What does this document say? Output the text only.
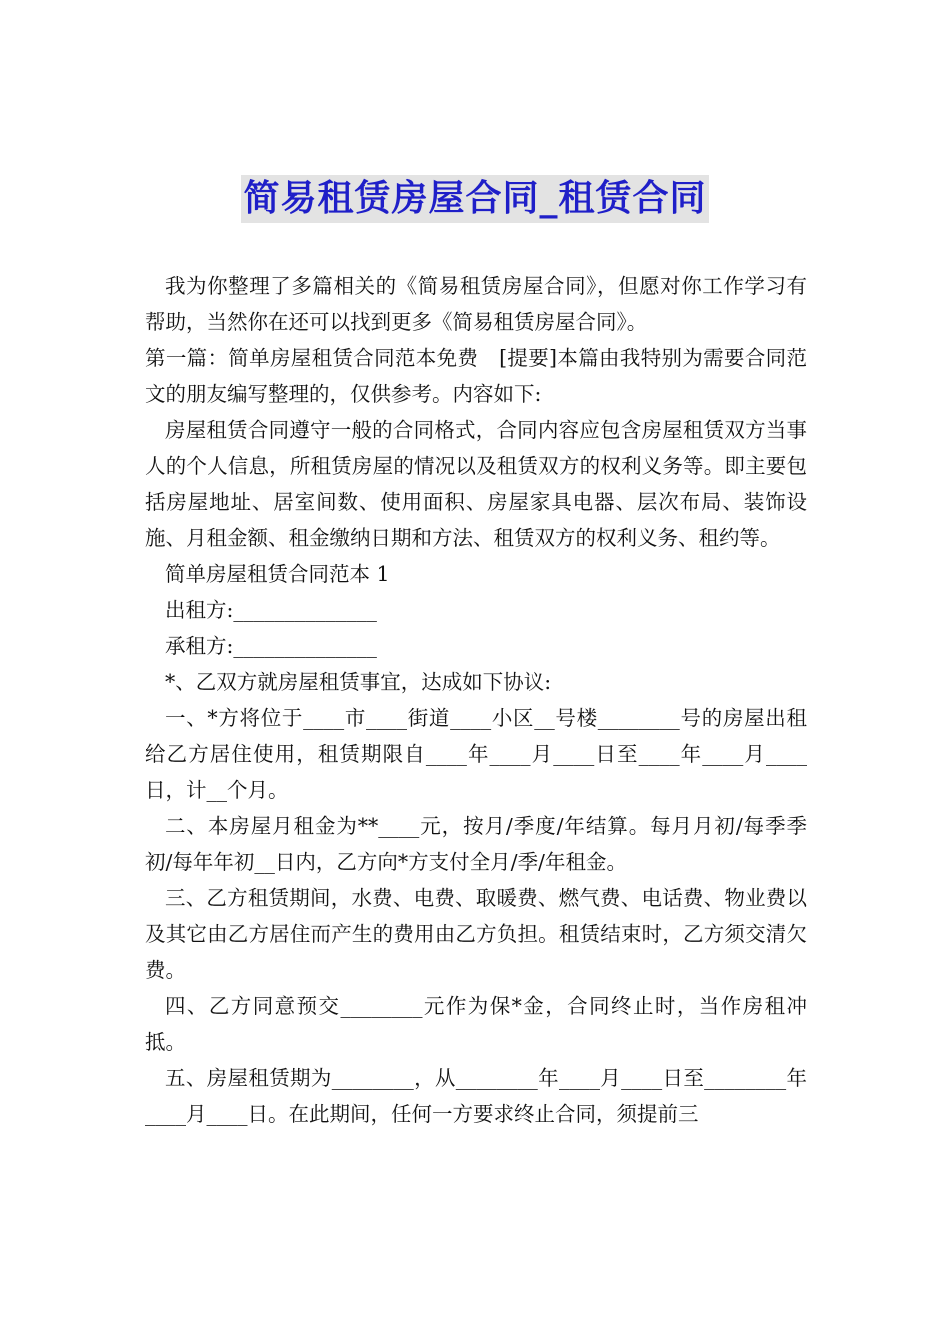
简易租赁房屋合同_租赁合同

我为你整理了多篇相关的《简易租赁房屋合同》，但愿对你工作学习有帮助，当然你在还可以找到更多《简易租赁房屋合同》。

第一篇：简单房屋租赁合同范本免费　[提要]本篇由我特别为需要合同范文的朋友编写整理的，仅供参考。内容如下:

房屋租赁合同遵守一般的合同格式，合同内容应包含房屋租赁双方当事人的个人信息，所租赁房屋的情况以及租赁双方的权利义务等。即主要包括房屋地址、居室间数、使用面积、房屋家具电器、层次布局、装饰设施、月租金额、租金缴纳日期和方法、租赁双方的权利义务、租约等。

简单房屋租赁合同范本 1

出租方:______________

承租方:______________

*、乙双方就房屋租赁事宜，达成如下协议:

一、*方将位于____市____街道____小区__号楼________号的房屋出租给乙方居住使用，租赁期限自____年____月____日至____年____月____日，计__个月。

二、本房屋月租金为**____元，按月/季度/年结算。每月月初/每季季初/每年年初__日内，乙方向*方支付全月/季/年租金。

三、乙方租赁期间，水费、电费、取暖费、燃气费、电话费、物业费以及其它由乙方居住而产生的费用由乙方负担。租赁结束时，乙方须交清欠费。

四、乙方同意预交________元作为保*金，合同终止时，当作房租冲抵。

五、房屋租赁期为________，从________年____月____日至________年____月____日。在此期间，任何一方要求终止合同，须提前三
